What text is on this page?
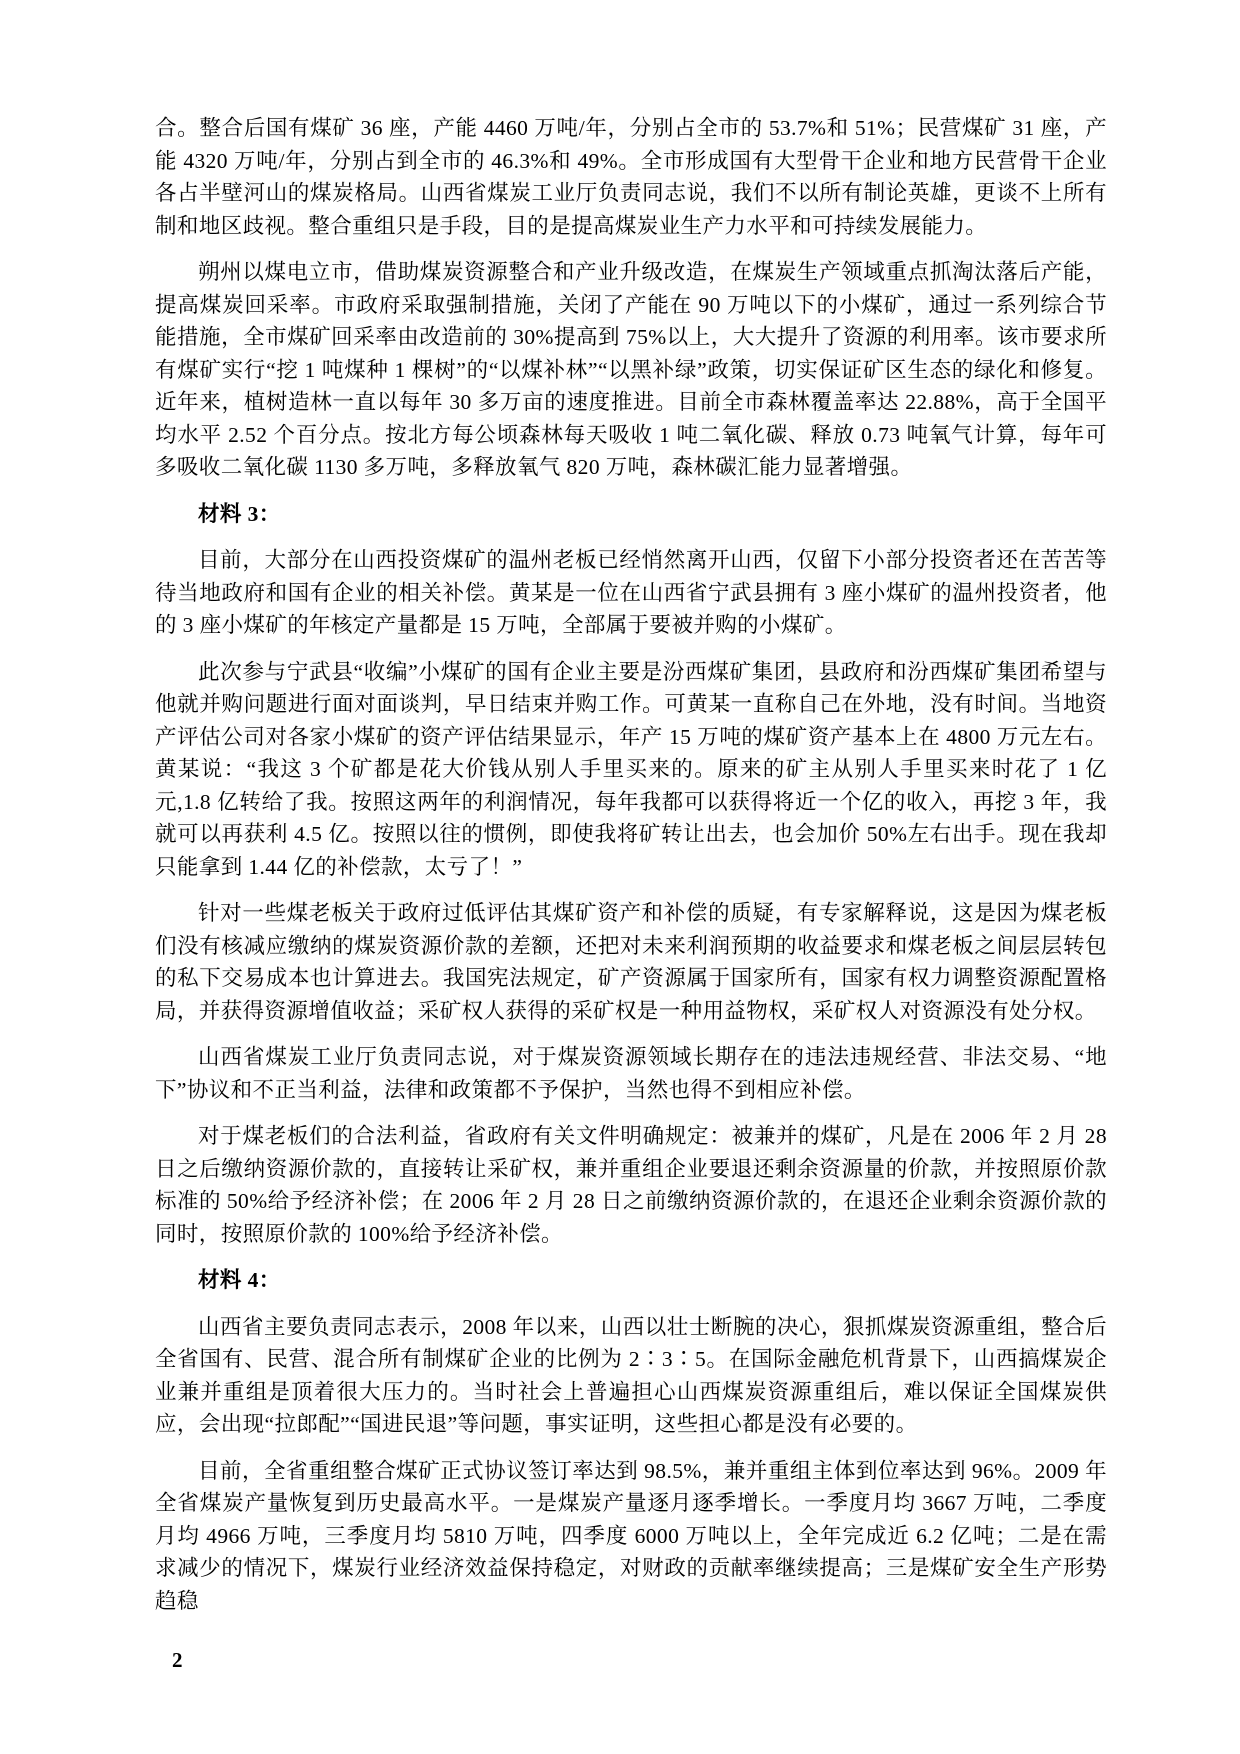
合。整合后国有煤矿 36 座，产能 4460 万吨/年，分别占全市的 53.7%和 51%；民营煤矿 31 座，产能 4320 万吨/年，分别占到全市的 46.3%和 49%。全市形成国有大型骨干企业和地方民营骨干企业各占半壁河山的煤炭格局。山西省煤炭工业厅负责同志说，我们不以所有制论英雄，更谈不上所有制和地区歧视。整合重组只是手段，目的是提高煤炭业生产力水平和可持续发展能力。

朔州以煤电立市，借助煤炭资源整合和产业升级改造，在煤炭生产领域重点抓淘汰落后产能，提高煤炭回采率。市政府采取强制措施，关闭了产能在 90 万吨以下的小煤矿，通过一系列综合节能措施，全市煤矿回采率由改造前的 30%提高到 75%以上，大大提升了资源的利用率。该市要求所有煤矿实行“挖 1 吨煤种 1 棵树”的“以煤补林”“以黑补绿”政策，切实保证矿区生态的绿化和修复。近年来，植树造林一直以每年 30 多万亩的速度推进。目前全市森林覆盖率达 22.88%，高于全国平均水平 2.52 个百分点。按北方每公顷森林每天吸收 1 吨二氧化碳、释放 0.73 吨氧气计算，每年可多吸收二氧化碳 1130 多万吨，多释放氧气 820 万吨，森林碳汇能力显著增强。

材料 3：

目前，大部分在山西投资煤矿的温州老板已经悄然离开山西，仅留下小部分投资者还在苦苦等待当地政府和国有企业的相关补偿。黄某是一位在山西省宁武县拥有 3 座小煤矿的温州投资者，他的 3 座小煤矿的年核定产量都是 15 万吨，全部属于要被并购的小煤矿。

此次参与宁武县“收编”小煤矿的国有企业主要是汾西煤矿集团，县政府和汾西煤矿集团希望与他就并购问题进行面对面谈判，早日结束并购工作。可黄某一直称自己在外地，没有时间。当地资产评估公司对各家小煤矿的资产评估结果显示，年产 15 万吨的煤矿资产基本上在 4800 万元左右。黄某说：“我这 3 个矿都是花大价钱从别人手里买来的。原来的矿主从别人手里买来时花了 1 亿元,1.8 亿转给了我。按照这两年的利润情况，每年我都可以获得将近一个亿的收入，再挖 3 年，我就可以再获利 4.5 亿。按照以往的惯例，即使我将矿转让出去，也会加价 50%左右出手。现在我却只能拿到 1.44 亿的补偿款，太亏了！”

针对一些煤老板关于政府过低评估其煤矿资产和补偿的质疑，有专家解释说，这是因为煤老板们没有核减应缴纳的煤炭资源价款的差额，还把对未来利润预期的收益要求和煤老板之间层层转包的私下交易成本也计算进去。我国宪法规定，矿产资源属于国家所有，国家有权力调整资源配置格局，并获得资源增值收益；采矿权人获得的采矿权是一种用益物权，采矿权人对资源没有处分权。

山西省煤炭工业厅负责同志说，对于煤炭资源领域长期存在的违法违规经营、非法交易、“地下”协议和不正当利益，法律和政策都不予保护，当然也得不到相应补偿。

对于煤老板们的合法利益，省政府有关文件明确规定：被兼并的煤矿，凡是在 2006 年 2 月 28 日之后缴纳资源价款的，直接转让采矿权，兼并重组企业要退还剩余资源量的价款，并按照原价款标准的 50%给予经济补偿；在 2006 年 2 月 28 日之前缴纳资源价款的，在退还企业剩余资源价款的同时，按照原价款的 100%给予经济补偿。

材料 4：

山西省主要负责同志表示，2008 年以来，山西以壮士断腕的决心，狠抓煤炭资源重组，整合后全省国有、民营、混合所有制煤矿企业的比例为 2∶3∶5。在国际金融危机背景下，山西搞煤炭企业兼并重组是顶着很大压力的。当时社会上普遍担心山西煤炭资源重组后，难以保证全国煤炭供应，会出现“拉郎配”“国进民退”等问题，事实证明，这些担心都是没有必要的。

目前，全省重组整合煤矿正式协议签订率达到 98.5%，兼并重组主体到位率达到 96%。2009 年全省煤炭产量恢复到历史最高水平。一是煤炭产量逐月逐季增长。一季度月均 3667 万吨，二季度月均 4966 万吨，三季度月均 5810 万吨，四季度 6000 万吨以上，全年完成近 6.2 亿吨；二是在需求减少的情况下，煤炭行业经济效益保持稳定，对财政的贡献率继续提高；三是煤矿安全生产形势趋稳

2
